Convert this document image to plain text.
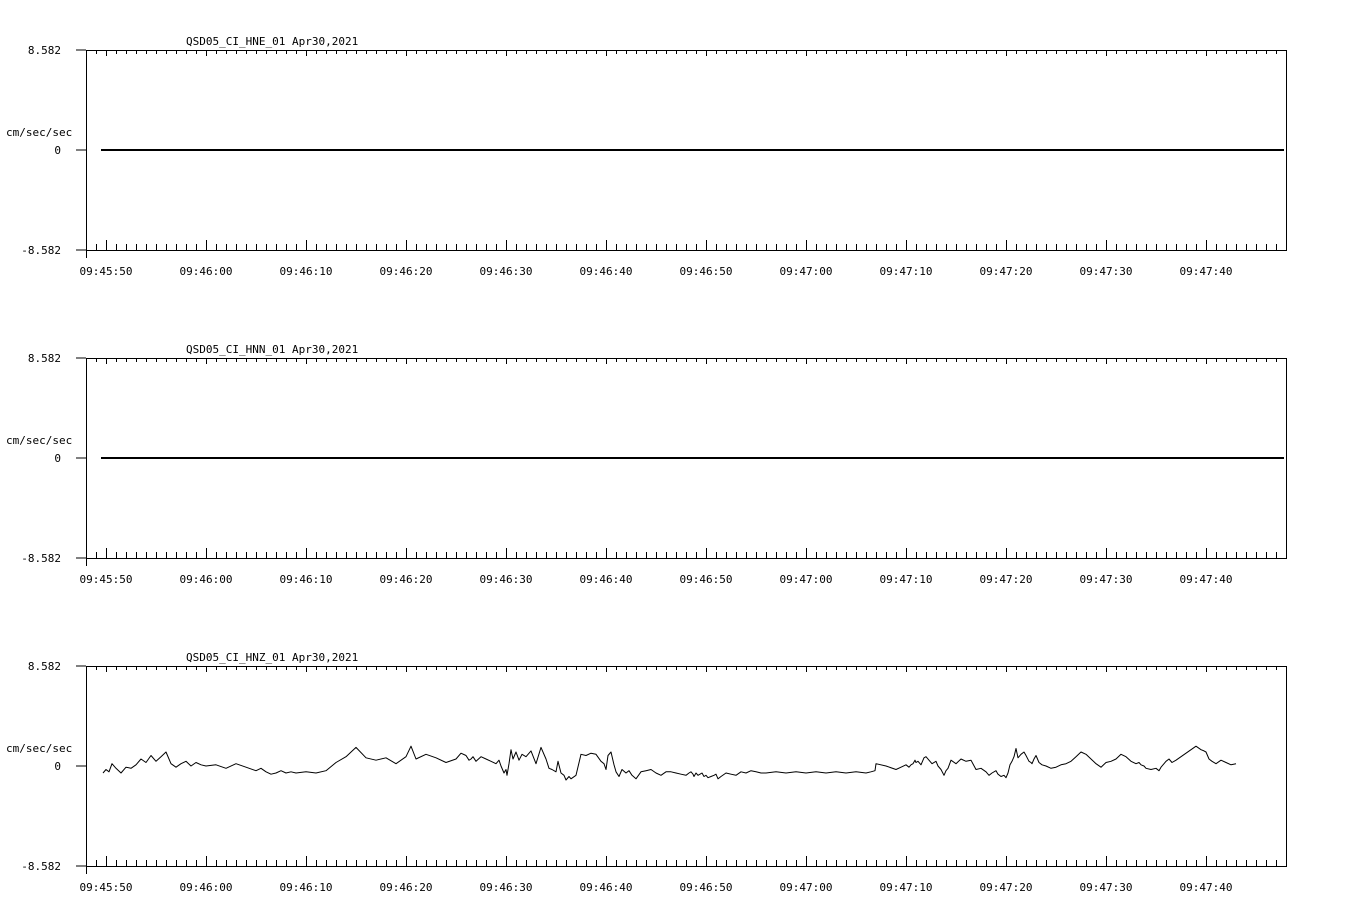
QSD05_CI_HNE_01 Apr30,2021
cm/sec/sec
8.582
0
-8.582
09:45:50	09:46:00	09:46:10	09:46:20	09:46:30	09:46:40	09:46:50	09:47:00	09:47:10	09:47:20	09:47:30	09:47:40
QSD05_CI_HNN_01 Apr30,2021
cm/sec/sec
8.582
0
-8.582
09:45:50	09:46:00	09:46:10	09:46:20	09:46:30	09:46:40	09:46:50	09:47:00	09:47:10	09:47:20	09:47:30	09:47:40
QSD05_CI_HNZ_01 Apr30,2021
cm/sec/sec
8.582
0
-8.582
09:45:50	09:46:00	09:46:10	09:46:20	09:46:30	09:46:40	09:46:50	09:47:00	09:47:10	09:47:20	09:47:30	09:47:40
